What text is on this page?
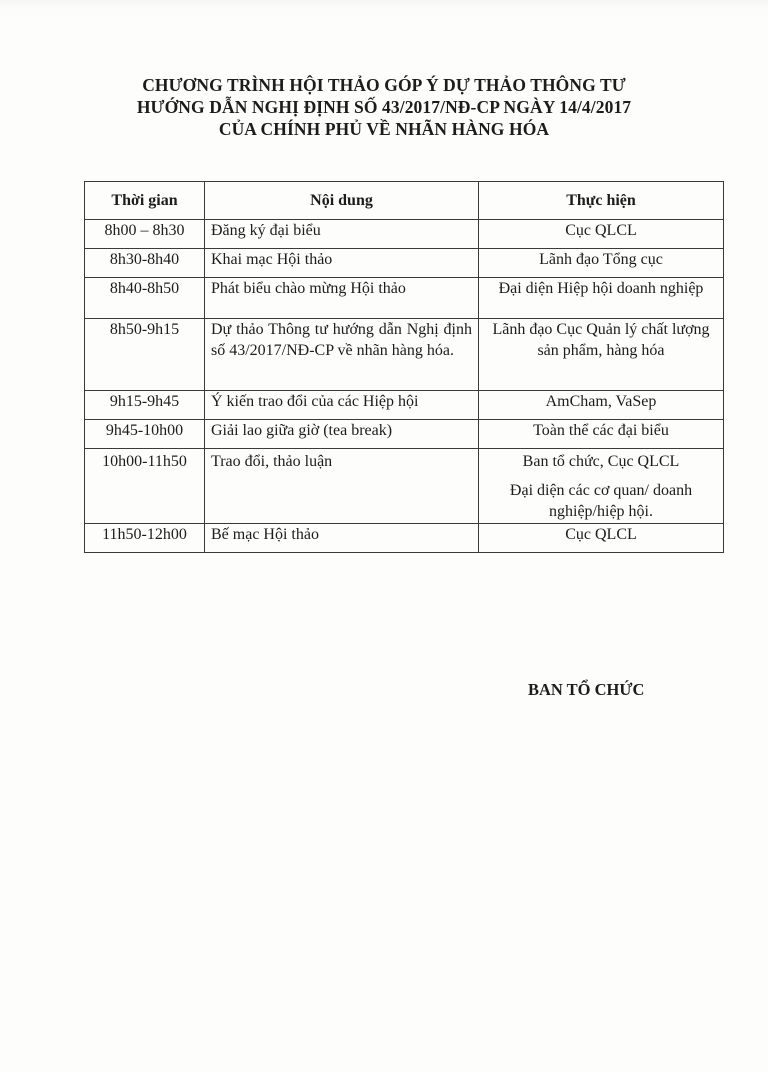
CHƯƠNG TRÌNH HỘI THẢO GÓP Ý DỰ THẢO THÔNG TƯ
HƯỚNG DẪN NGHỊ ĐỊNH SỐ 43/2017/NĐ-CP NGÀY 14/4/2017
CỦA CHÍNH PHỦ VỀ NHÃN HÀNG HÓA
Thời gian	Nội dung	Thực hiện
8h00 – 8h30	Đăng ký đại biểu	Cục QLCL

8h30-8h40	Khai mạc Hội thảo	Lãnh đạo Tổng cục

8h40-8h50	Phát biểu chào mừng Hội thảo	Đại diện Hiệp hội doanh nghiệp

8h50-9h15	Dự thảo Thông tư hướng dẫn Nghị định số 43/2017/NĐ-CP về nhãn hàng hóa.	Lãnh đạo Cục Quản lý chất lượng sản phẩm, hàng hóa

9h15-9h45	Ý kiến trao đổi của các Hiệp hội	AmCham, VaSep

9h45-10h00	Giải lao giữa giờ (tea break)	Toàn thể các đại biểu

10h00-11h50	Trao đổi, thảo luận	Ban tổ chức, Cục QLCL
Đại diện các cơ quan/ doanh nghiệp/hiệp hội.

11h50-12h00	Bế mạc Hội thảo	Cục QLCL
BAN TỔ CHỨC
